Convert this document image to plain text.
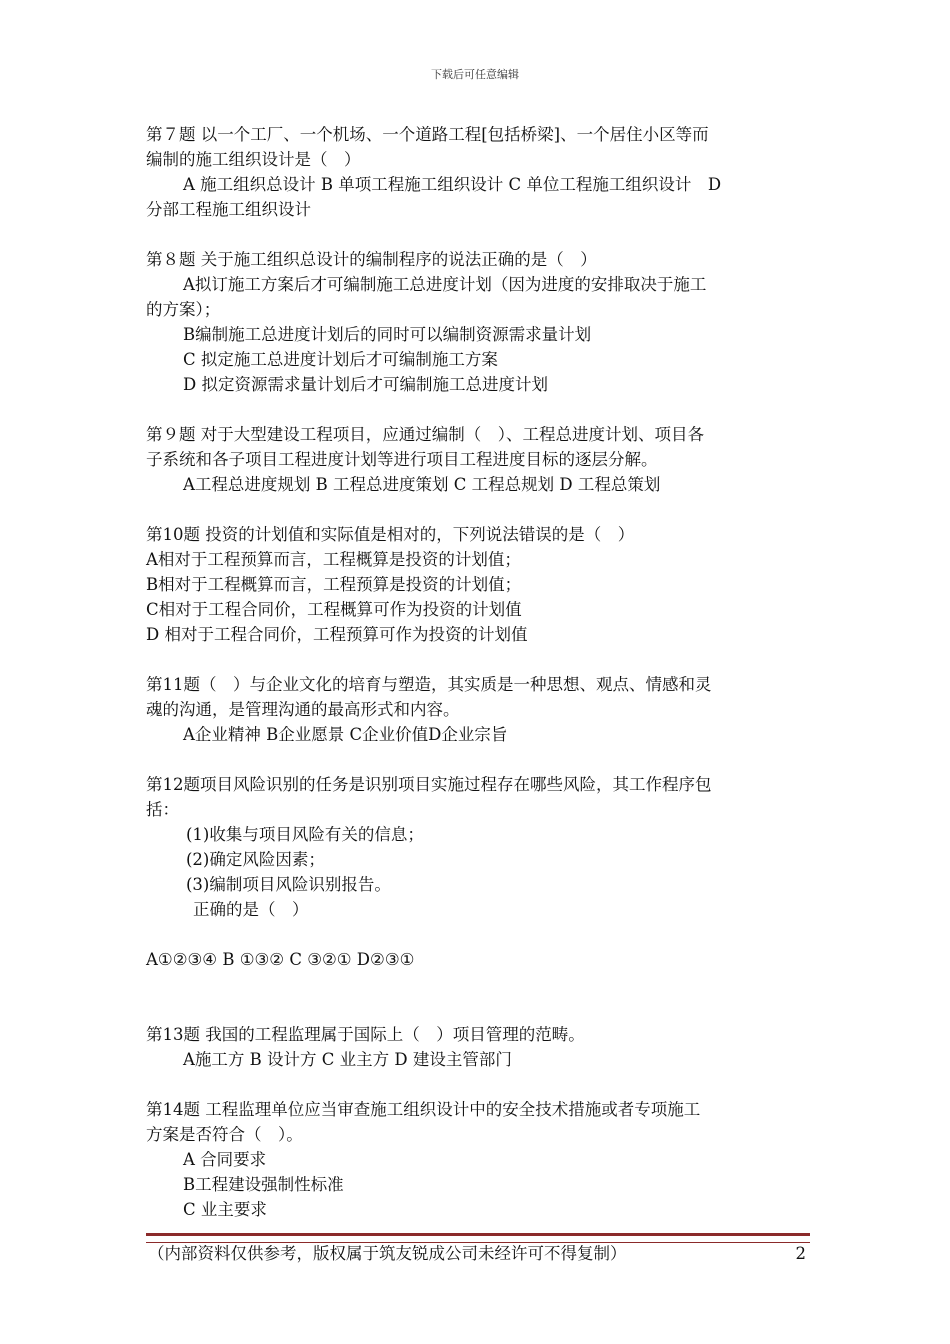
下载后可任意编辑

第７题 以一个工厂、一个机场、一个道路工程[包括桥梁]、一个居住小区等而

编制的施工组织设计是（　）

A 施工组织总设计 B 单项工程施工组织设计 C 单位工程施工组织设计　D

分部工程施工组织设计

第８题 关于施工组织总设计的编制程序的说法正确的是（　）

A拟订施工方案后才可编制施工总进度计划（因为进度的安排取决于施工

的方案）；

B编制施工总进度计划后的同时可以编制资源需求量计划

C 拟定施工总进度计划后才可编制施工方案

D 拟定资源需求量计划后才可编制施工总进度计划

第９题 对于大型建设工程项目，应通过编制（　）、工程总进度计划、项目各

子系统和各子项目工程进度计划等进行项目工程进度目标的逐层分解。

A工程总进度规划 B 工程总进度策划 C 工程总规划 D 工程总策划

第10题 投资的计划值和实际值是相对的，下列说法错误的是（　）

A相对于工程预算而言，工程概算是投资的计划值；

B相对于工程概算而言，工程预算是投资的计划值；

C相对于工程合同价，工程概算可作为投资的计划值

D 相对于工程合同价，工程预算可作为投资的计划值

第11题（　）与企业文化的培育与塑造，其实质是一种思想、观点、情感和灵

魂的沟通，是管理沟通的最高形式和内容。

A企业精神 B企业愿景 C企业价值D企业宗旨

第12题项目风险识别的任务是识别项目实施过程存在哪些风险，其工作程序包

括：

(1)收集与项目风险有关的信息；

(2)确定风险因素；

(3)编制项目风险识别报告。

正确的是（　）

A①②③④ B ①③② C ③②① D②③①

第13题 我国的工程监理属于国际上（　）项目管理的范畴。

A施工方 B 设计方 C 业主方 D 建设主管部门

第14题 工程监理单位应当审查施工组织设计中的安全技术措施或者专项施工

方案是否符合（　）。

A 合同要求

B工程建设强制性标准

C 业主要求

（内部资料仅供参考，版权属于筑友锐成公司未经许可不得复制）	2
